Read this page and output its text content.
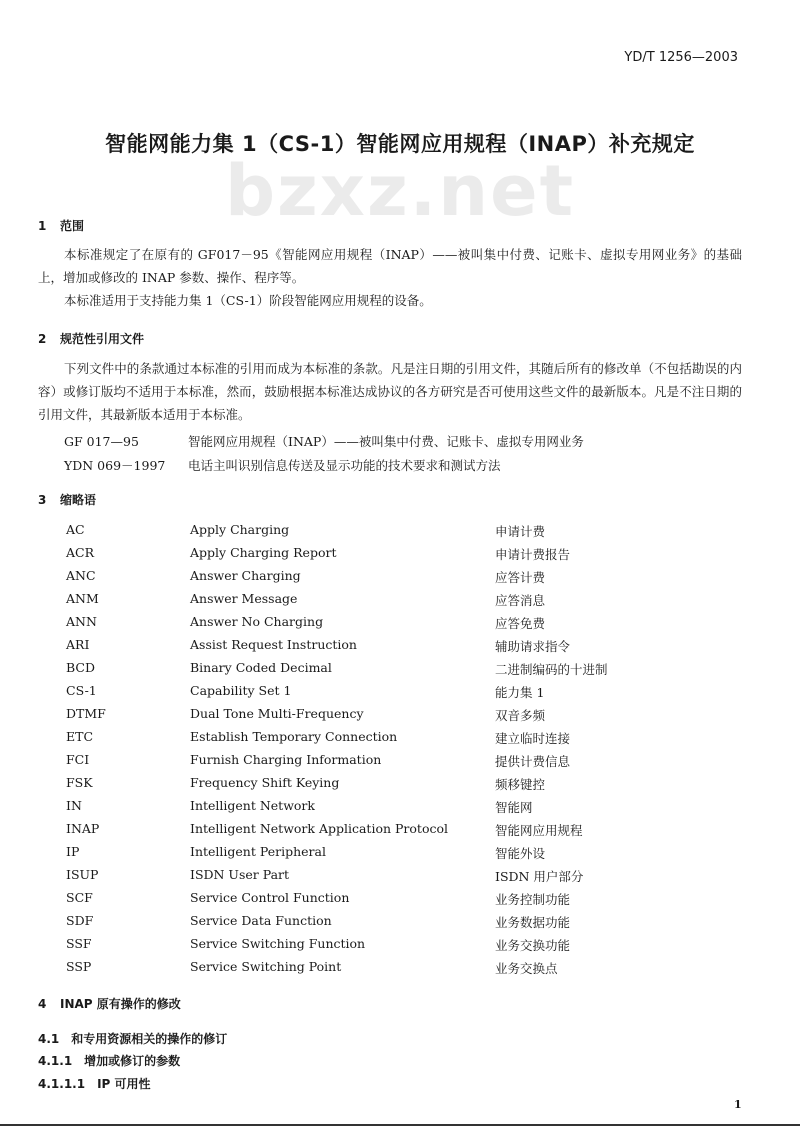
bzxz.net
YD/T 1256—2003
智能网能力集 1（CS-1）智能网应用规程（INAP）补充规定
1 范围
本标准规定了在原有的 GF017－95《智能网应用规程（INAP）——被叫集中付费、记账卡、虚拟专用网业务》的基础上，增加或修改的 INAP 参数、操作、程序等。
本标准适用于支持能力集 1（CS-1）阶段智能网应用规程的设备。
2 规范性引用文件
下列文件中的条款通过本标准的引用而成为本标准的条款。凡是注日期的引用文件，其随后所有的修改单（不包括勘误的内容）或修订版均不适用于本标准，然而，鼓励根据本标准达成协议的各方研究是否可使用这些文件的最新版本。凡是不注日期的引用文件，其最新版本适用于本标准。
GF 017—95	智能网应用规程（INAP）——被叫集中付费、记账卡、虚拟专用网业务
YDN 069－1997 电话主叫识别信息传送及显示功能的技术要求和测试方法
3 缩略语
AC	Apply Charging	申请计费
ACR	Apply Charging Report	申请计费报告
ANC	Answer Charging	应答计费
ANM	Answer Message	应答消息
ANN	Answer No Charging	应答免费
ARI	Assist Request Instruction	辅助请求指令
BCD	Binary Coded Decimal	二进制编码的十进制
CS-1	Capability Set 1	能力集 1
DTMF	Dual Tone Multi-Frequency	双音多频
ETC	Establish Temporary Connection	建立临时连接
FCI	Furnish Charging Information	提供计费信息
FSK	Frequency Shift Keying	频移键控
IN	Intelligent Network	智能网
INAP	Intelligent Network Application Protocol	智能网应用规程
IP	Intelligent Peripheral	智能外设
ISUP	ISDN User Part	ISDN 用户部分
SCF	Service Control Function	业务控制功能
SDF	Service Data Function	业务数据功能
SSF	Service Switching Function	业务交换功能
SSP	Service Switching Point	业务交换点
4 INAP 原有操作的修改
4.1 和专用资源相关的操作的修订
4.1.1 增加或修订的参数
4.1.1.1 IP 可用性
1
